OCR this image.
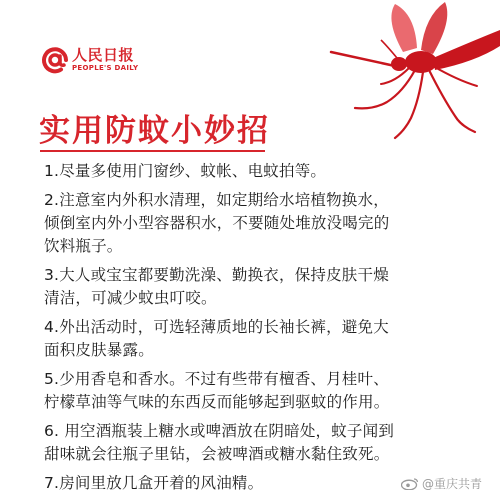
人民日报
PEOPLE'S DAILY
实用防蚊小妙招
1.尽量多使用门窗纱、蚊帐、电蚊拍等。
2.注意室内外积水清理，如定期给水培植物换水，
倾倒室内外小型容器积水，不要随处堆放没喝完的
饮料瓶子。
3.大人或宝宝都要勤洗澡、勤换衣，保持皮肤干燥
清洁，可减少蚊虫叮咬。
4.外出活动时，可选轻薄质地的长袖长裤，避免大
面积皮肤暴露。
5.少用香皂和香水。不过有些带有檀香、月桂叶、
柠檬草油等气味的东西反而能够起到驱蚊的作用。
6. 用空酒瓶装上糖水或啤酒放在阴暗处，蚊子闻到
甜味就会往瓶子里钻，会被啤酒或糖水黏住致死。
7.房间里放几盒开着的风油精。	@重庆共青
